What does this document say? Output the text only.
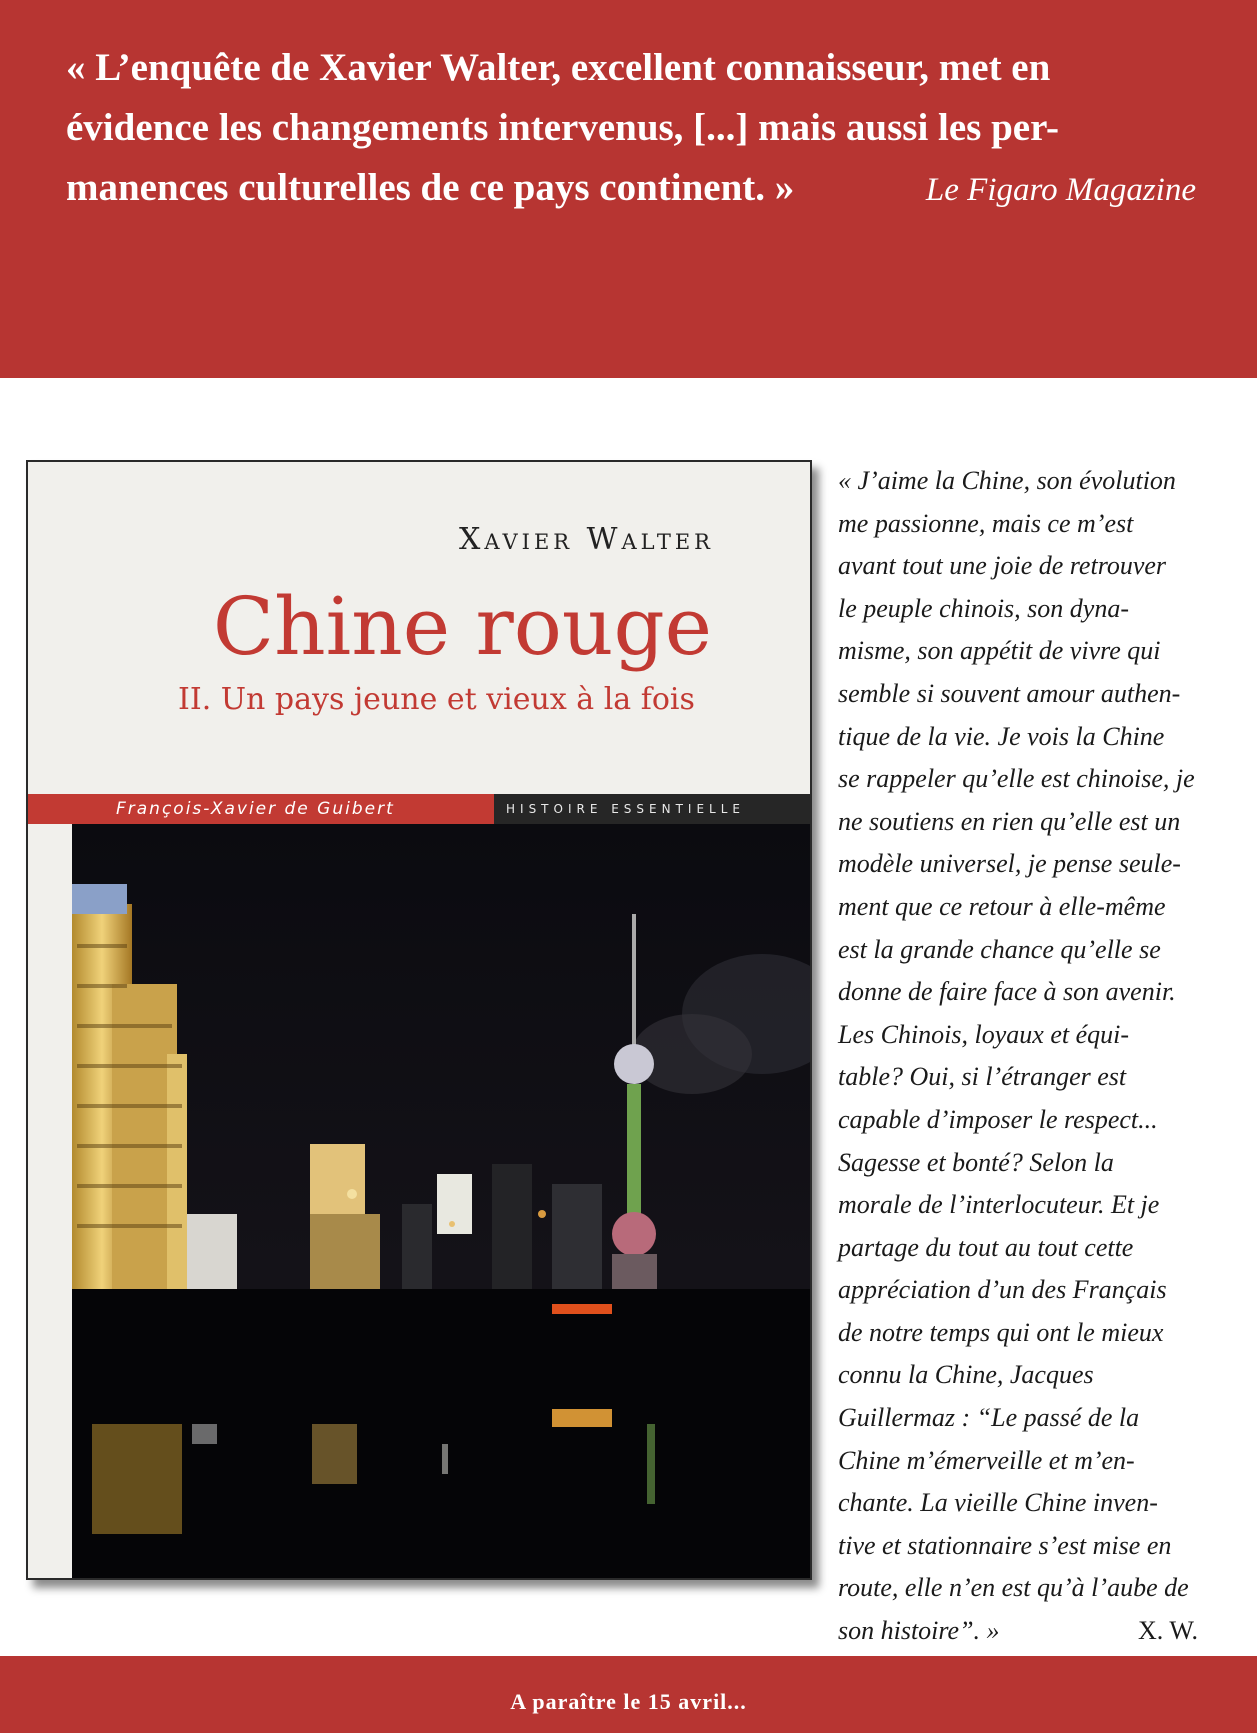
« L’enquête de Xavier Walter, excellent connaisseur, met en
évidence les changements intervenus, [...] mais aussi les per-
manences culturelles de ce pays continent. »	Le Figaro Magazine
Xavier Walter
Chine rouge
II. Un pays jeune et vieux à la fois
François-Xavier de Guibert	HISTOIRE ESSENTIELLE
« J’aime la Chine, son évolution
me passionne, mais ce m’est
avant tout une joie de retrouver
le peuple chinois, son dyna-
misme, son appétit de vivre qui
semble si souvent amour authen-
tique de la vie. Je vois la Chine
se rappeler qu’elle est chinoise, je
ne soutiens en rien qu’elle est un
modèle universel, je pense seule-
ment que ce retour à elle-même
est la grande chance qu’elle se
donne de faire face à son avenir.
Les Chinois, loyaux et équi-
table? Oui, si l’étranger est
capable d’imposer le respect...
Sagesse et bonté? Selon la
morale de l’interlocuteur. Et je
partage du tout au tout cette
appréciation d’un des Français
de notre temps qui ont le mieux
connu la Chine, Jacques
Guillermaz : “Le passé de la
Chine m’émerveille et m’en-
chante. La vieille Chine inven-
tive et stationnaire s’est mise en
route, elle n’en est qu’à l’aube de
son histoire”. »	X. W.
A paraître le 15 avril...
